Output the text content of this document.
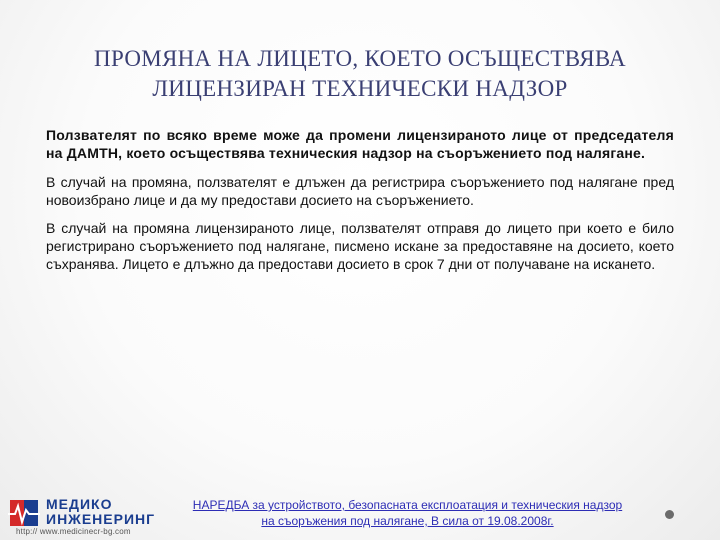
ПРОМЯНА НА ЛИЦЕТО, КОЕТО ОСЪЩЕСТВЯВА
ЛИЦЕНЗИРАН ТЕХНИЧЕСКИ НАДЗОР

Ползвателят по всяко време може да промени лицензираното лице от председателя на ДАМТН, което осъществява техническия надзор на съоръжението под налягане.

В случай на промяна, ползвателят е длъжен да регистрира съоръжението под налягане пред новоизбрано лице и да му предостави досието на съоръжението.

В случай на промяна лицензираното лице, ползвателят отправя до лицето при което е било регистрирано съоръжението под налягане, писмено искане за предоставяне на досието, което съхранява. Лицето е длъжно да предостави досието в срок 7 дни от получаване на искането.

МЕДИКО
ИНЖЕНЕРИНГ
http:// www.medicinecr-bg.com
НАРЕДБА за устройството, безопасната експлоатация и техническия надзор
на съоръжения под налягане, В сила от 19.08.2008г.
